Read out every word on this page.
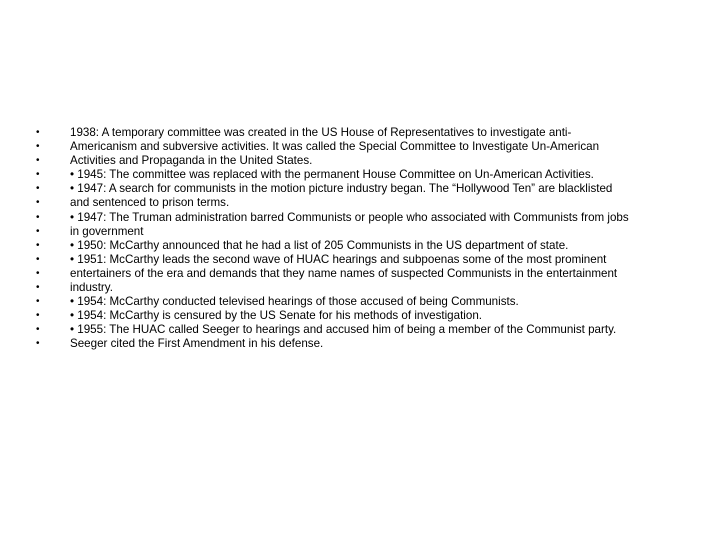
•	1938: A temporary committee was created in the US House of Representatives to investigate anti-
•	Americanism and subversive activities. It was called the Special Committee to Investigate Un-American
•	Activities and Propaganda in the United States.
•	• 1945: The committee was replaced with the permanent House Committee on Un-American Activities.
•	• 1947: A search for communists in the motion picture industry began. The “Hollywood Ten” are blacklisted
•	and sentenced to prison terms.
•	• 1947: The Truman administration barred Communists or people who associated with Communists from jobs
•	in government
•	• 1950: McCarthy announced that he had a list of 205 Communists in the US department of state.
•	• 1951: McCarthy leads the second wave of HUAC hearings and subpoenas some of the most prominent
•	entertainers of the era and demands that they name names of suspected Communists in the entertainment
•	industry.
•	• 1954: McCarthy conducted televised hearings of those accused of being Communists.
•	• 1954: McCarthy is censured by the US Senate for his methods of investigation.
•	• 1955: The HUAC called Seeger to hearings and accused him of being a member of the Communist party.
•	Seeger cited the First Amendment in his defense.
